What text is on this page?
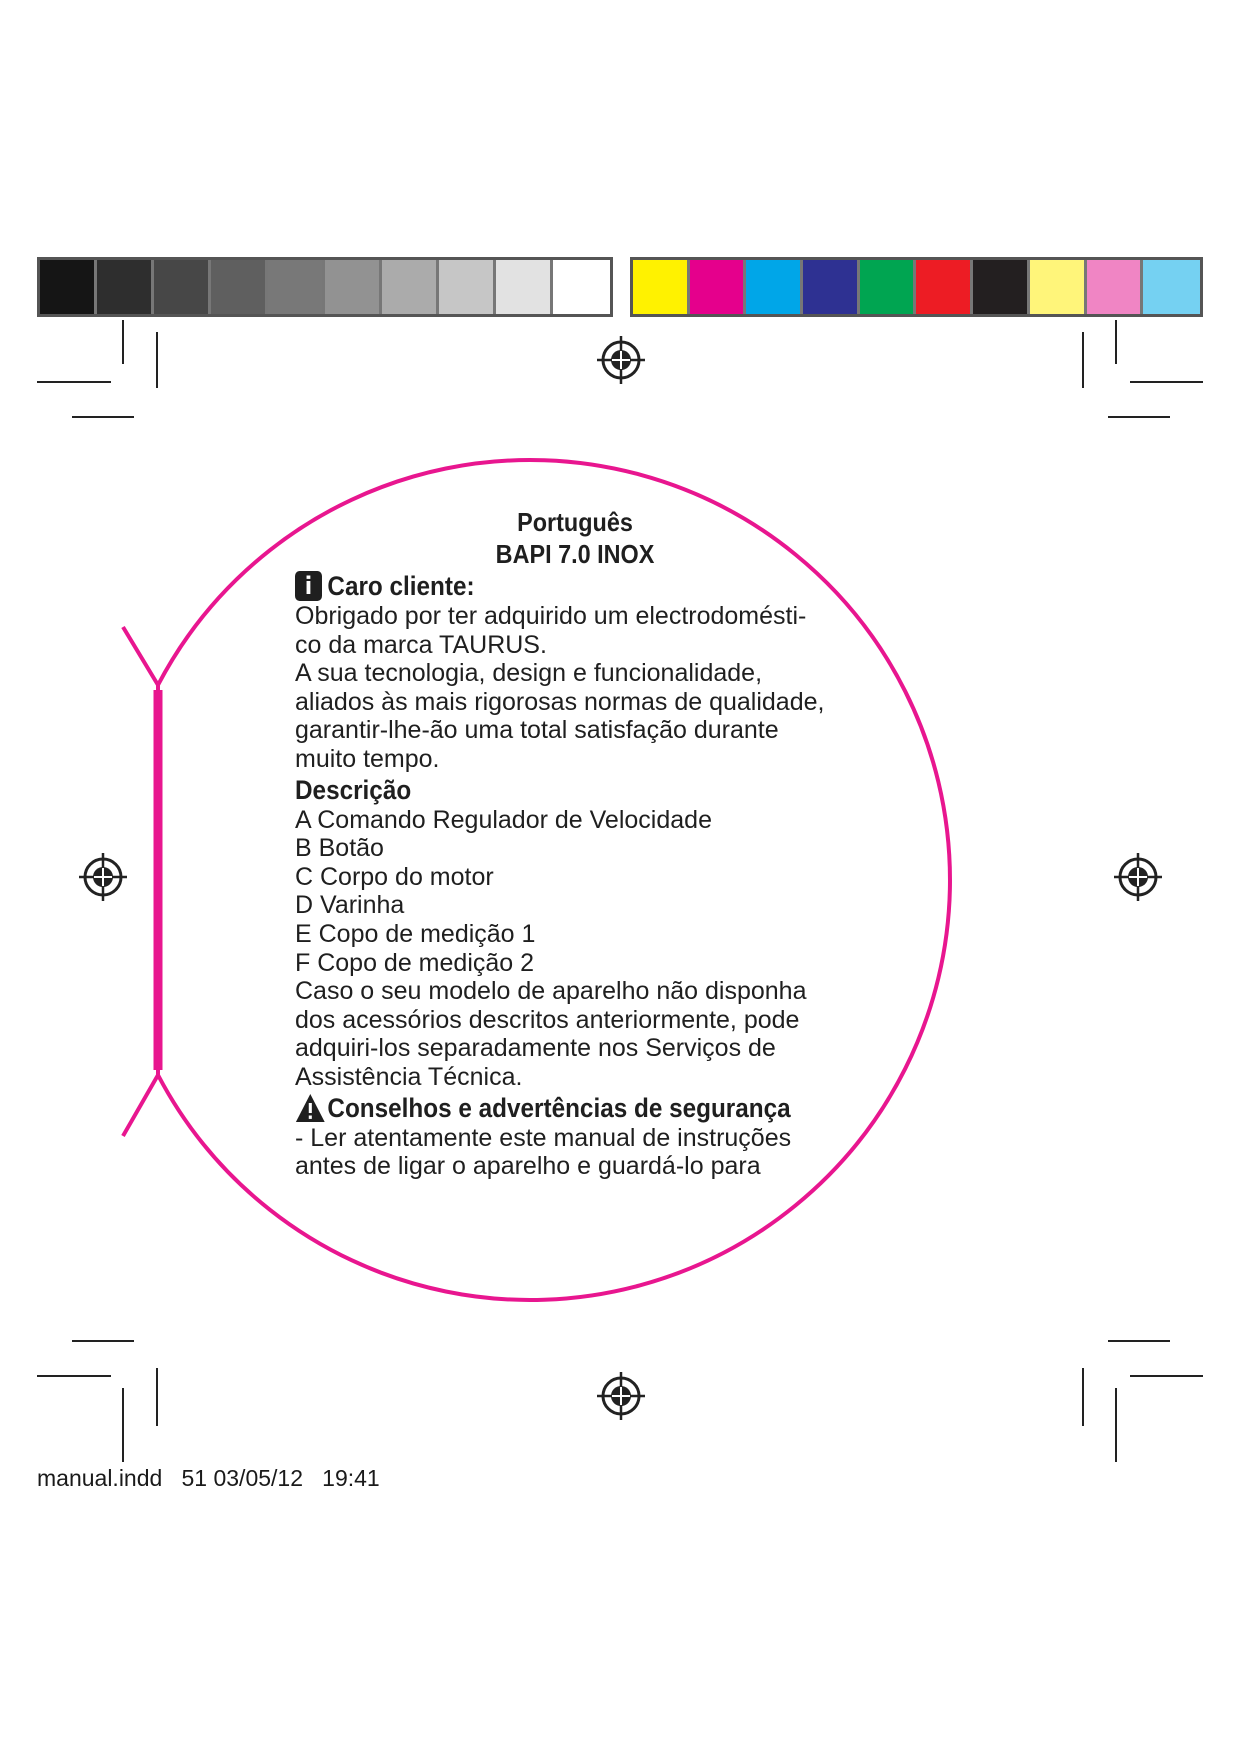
Português
BAPI 7.0 INOX
i Caro cliente:
Obrigado por ter adquirido um electrodomésti-
co da marca TAURUS.
A sua tecnologia, design e funcionalidade,
aliados às mais rigorosas normas de qualidade,
garantir-lhe-ão uma total satisfação durante
muito tempo.
Descrição
A Comando Regulador de Velocidade
B Botão
C Corpo do motor
D Varinha
E Copo de medição 1
F Copo de medição 2
Caso o seu modelo de aparelho não disponha
dos acessórios descritos anteriormente, pode
adquiri-los separadamente nos Serviços de
Assistência Técnica.
Conselhos e advertências de segurança
- Ler atentamente este manual de instruções
antes de ligar o aparelho e guardá-lo para
manual.indd 51 03/05/12 19:41
